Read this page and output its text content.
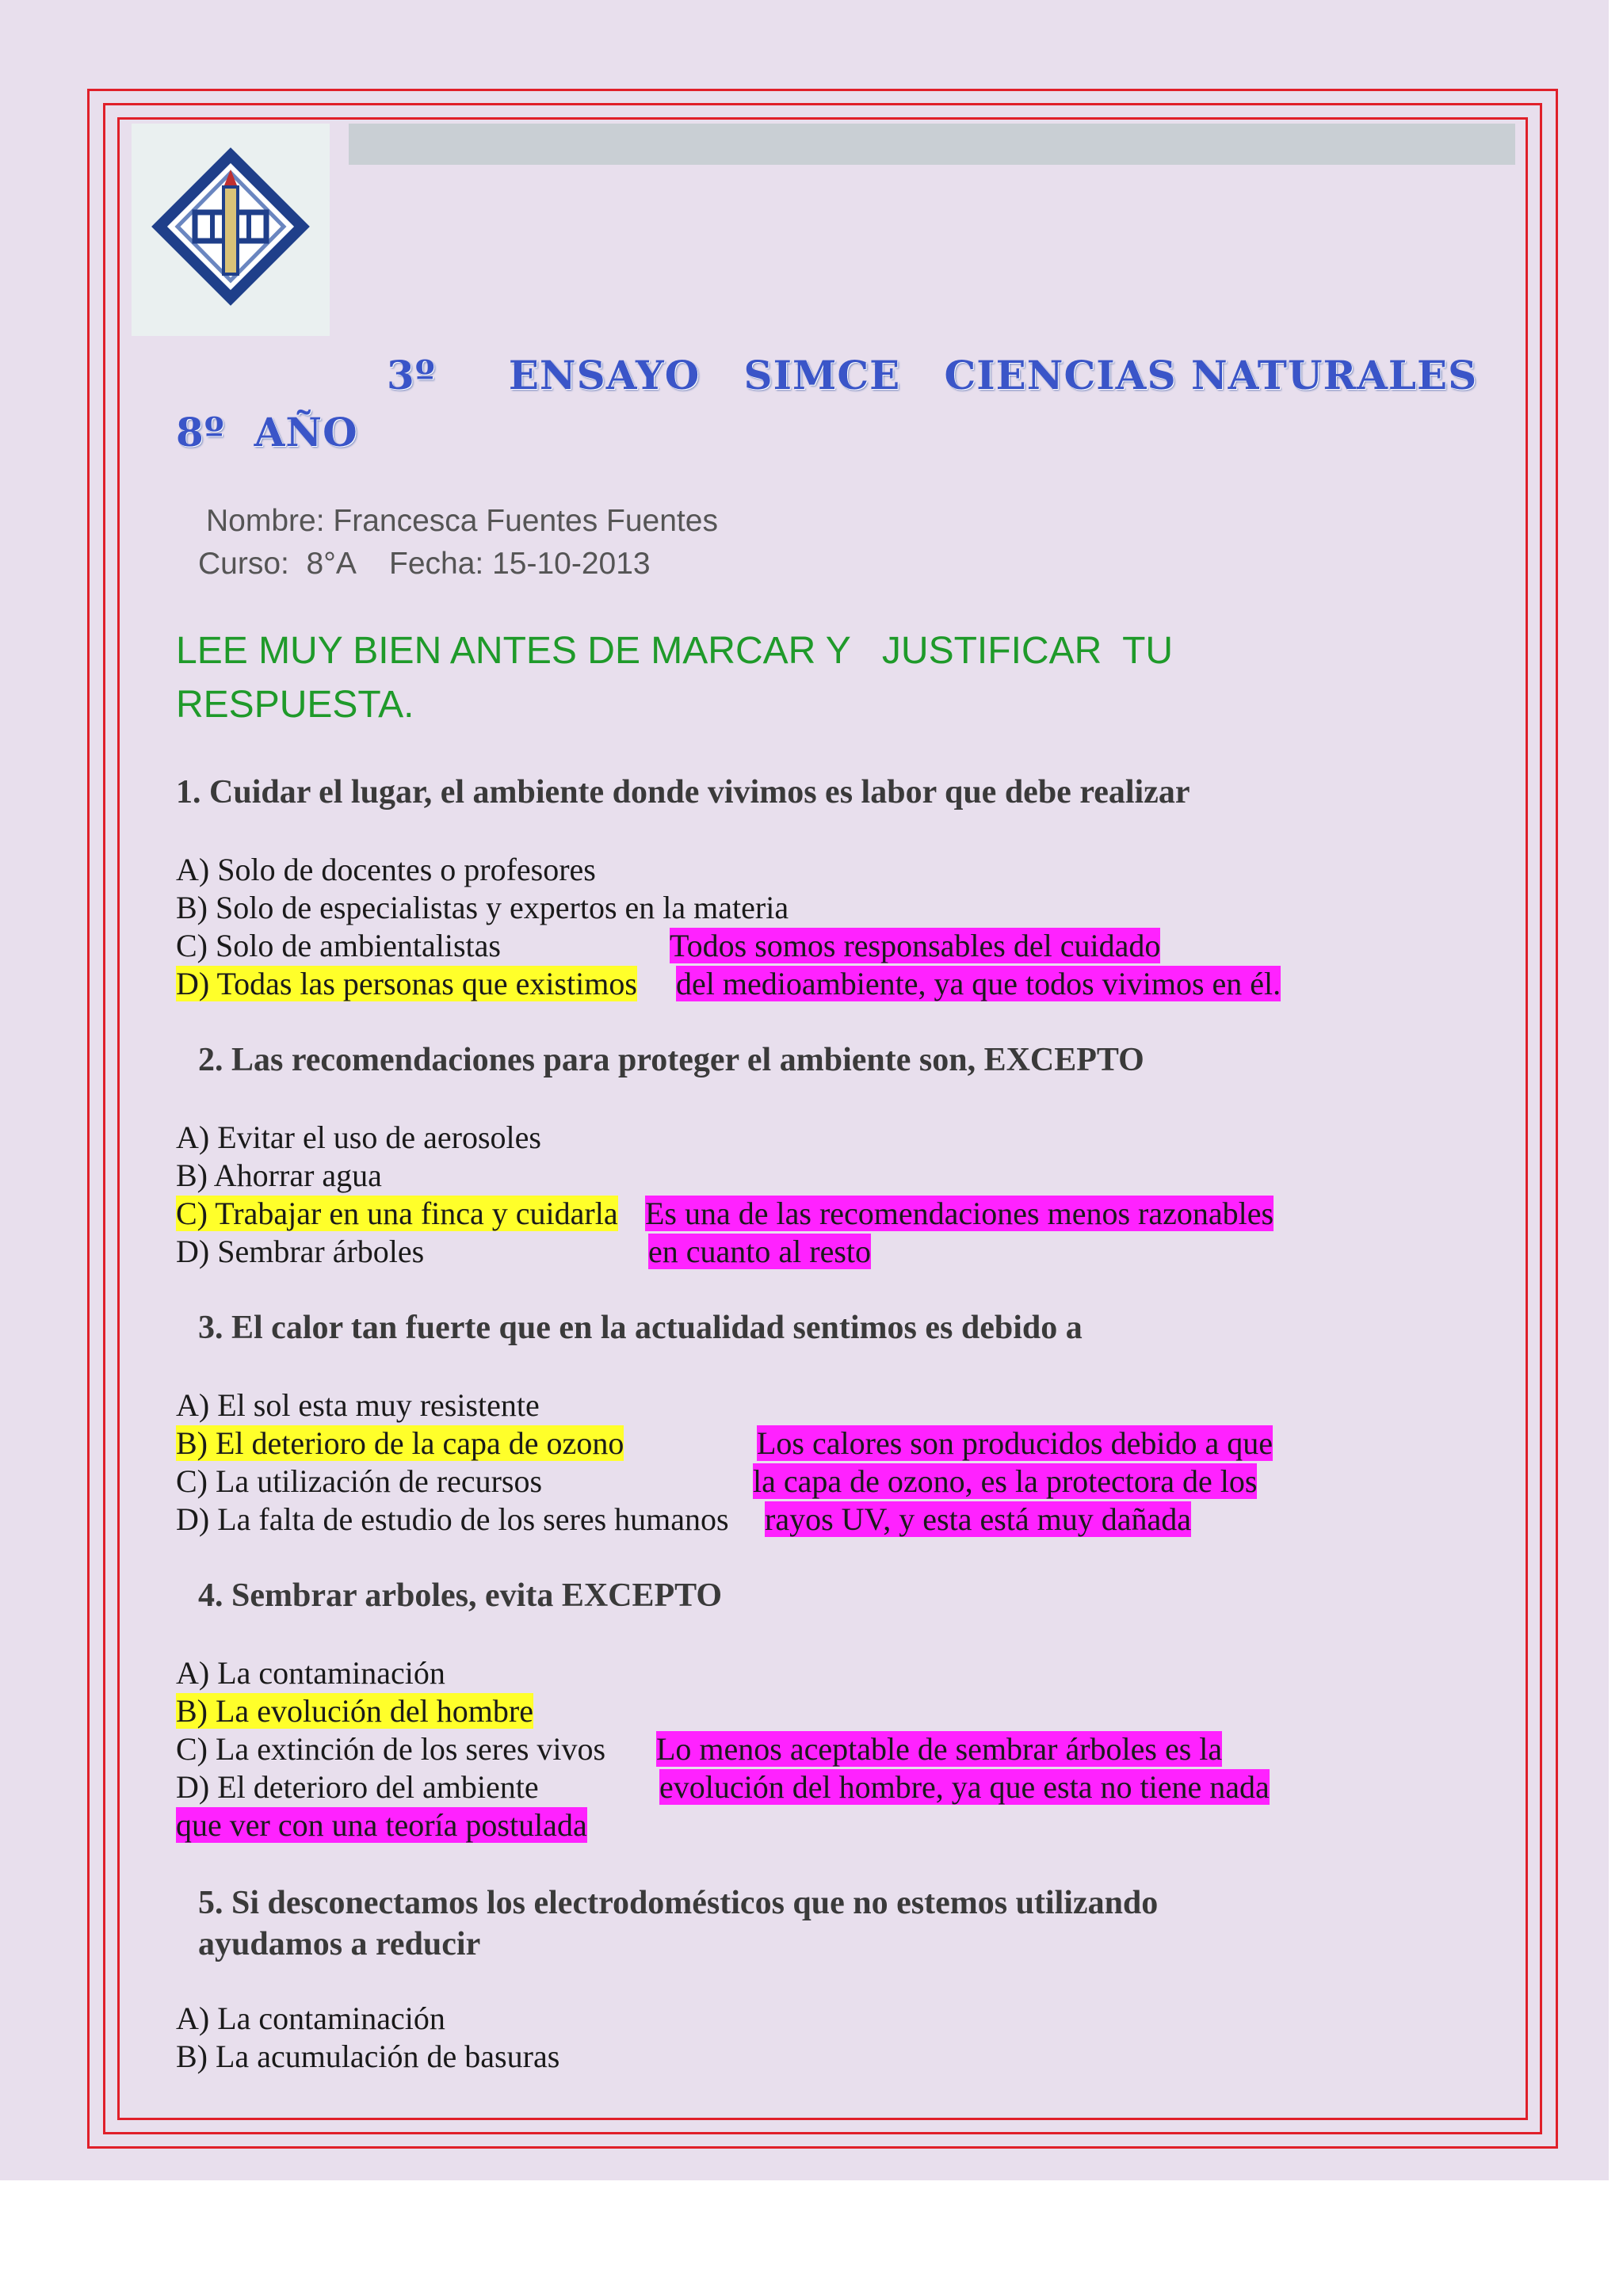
3º     ENSAYO   SIMCE   CIENCIAS NATURALES
8º  AÑO
Nombre: Francesca Fuentes Fuentes
Curso:  8°A    Fecha: 15-10-2013
LEE MUY BIEN ANTES DE MARCAR Y   JUSTIFICAR  TU
RESPUESTA.
1. Cuidar el lugar, el ambiente donde vivimos es labor que debe realizar
A) Solo de docentes o profesores
B) Solo de especialistas y expertos en la materia
C) Solo de ambientalistas
D) Todas las personas que existimos
Todos somos responsables del cuidado
del medioambiente, ya que todos vivimos en él.
2. Las recomendaciones para proteger el ambiente son, EXCEPTO
A) Evitar el uso de aerosoles
B) Ahorrar agua
C) Trabajar en una finca y cuidarla
D) Sembrar árboles
Es una de las recomendaciones menos razonables
en cuanto al resto
3. El calor tan fuerte que en la actualidad sentimos es debido a
A) El sol esta muy resistente
B) El deterioro de la capa de ozono
C) La utilización de recursos
D) La falta de estudio de los seres humanos
Los calores son producidos debido a que
la capa de ozono, es la protectora de los
rayos UV, y esta está muy dañada
4. Sembrar arboles, evita EXCEPTO
A) La contaminación
B) La evolución del hombre
C) La extinción de los seres vivos
D) El deterioro del ambiente
Lo menos aceptable de sembrar árboles es la
evolución del hombre, ya que esta no tiene nada
que ver con una teoría postulada
5. Si desconectamos los electrodomésticos que no estemos utilizando
ayudamos a reducir
A) La contaminación
B) La acumulación de basuras
